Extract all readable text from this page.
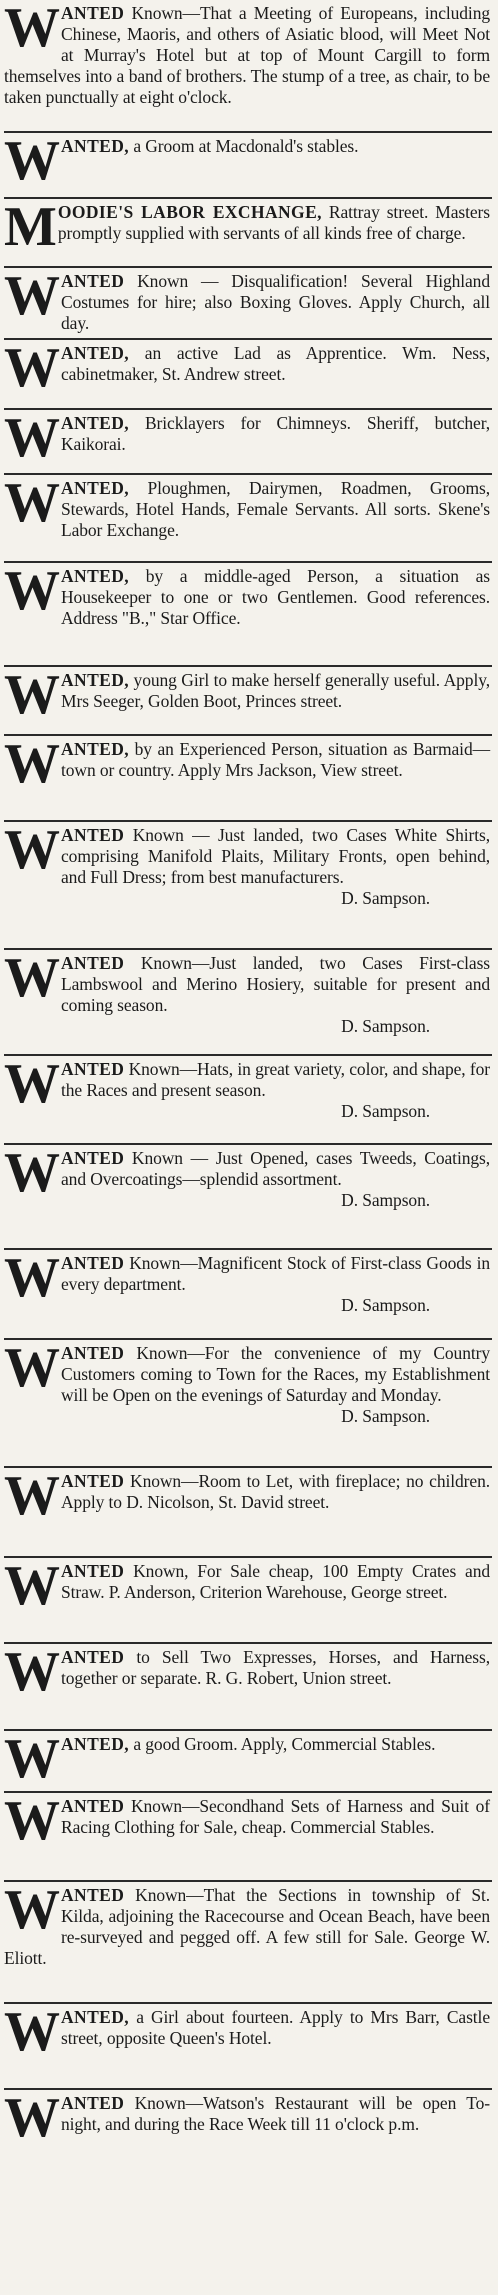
WANTED Known—That a Meeting of Europeans, including Chinese, Maoris, and others of Asiatic blood, will Meet Not at Murray's Hotel but at top of Mount Cargill to form themselves into a band of brothers. The stump of a tree, as chair, to be taken punctually at eight o'clock.
WANTED, a Groom at Macdonald's stables.
MOODIE'S LABOR EXCHANGE, Rattray street. Masters promptly supplied with servants of all kinds free of charge.
WANTED Known — Disqualification! Several Highland Costumes for hire; also Boxing Gloves. Apply Church, all day.
WANTED, an active Lad as Apprentice. Wm. Ness, cabinetmaker, St. Andrew street.
WANTED, Bricklayers for Chimneys. Sheriff, butcher, Kaikorai.
WANTED, Ploughmen, Dairymen, Roadmen, Grooms, Stewards, Hotel Hands, Female Servants. All sorts. Skene's Labor Exchange.
WANTED, by a middle-aged Person, a situation as Housekeeper to one or two Gentlemen. Good references. Address "B.," Star Office.
WANTED, young Girl to make herself generally useful. Apply, Mrs Seeger, Golden Boot, Princes street.
WANTED, by an Experienced Person, situation as Barmaid—town or country. Apply Mrs Jackson, View street.
WANTED Known — Just landed, two Cases White Shirts, comprising Manifold Plaits, Military Fronts, open behind, and Full Dress; from best manufacturers.
D. Sampson.
WANTED Known—Just landed, two Cases First-class Lambswool and Merino Hosiery, suitable for present and coming season.
D. Sampson.
WANTED Known—Hats, in great variety, color, and shape, for the Races and present season.
D. Sampson.
WANTED Known — Just Opened, cases Tweeds, Coatings, and Overcoatings—splendid assortment.
D. Sampson.
WANTED Known—Magnificent Stock of First-class Goods in every department.
D. Sampson.
WANTED Known—For the convenience of my Country Customers coming to Town for the Races, my Establishment will be Open on the evenings of Saturday and Monday.
D. Sampson.
WANTED Known—Room to Let, with fireplace; no children. Apply to D. Nicolson, St. David street.
WANTED Known, For Sale cheap, 100 Empty Crates and Straw. P. Anderson, Criterion Warehouse, George street.
WANTED to Sell Two Expresses, Horses, and Harness, together or separate. R. G. Robert, Union street.
WANTED, a good Groom. Apply, Commercial Stables.
WANTED Known—Secondhand Sets of Harness and Suit of Racing Clothing for Sale, cheap. Commercial Stables.
WANTED Known—That the Sections in township of St. Kilda, adjoining the Racecourse and Ocean Beach, have been re-surveyed and pegged off. A few still for Sale. George W. Eliott.
WANTED, a Girl about fourteen. Apply to Mrs Barr, Castle street, opposite Queen's Hotel.
WANTED Known—Watson's Restaurant will be open To-night, and during the Race Week till 11 o'clock p.m.
